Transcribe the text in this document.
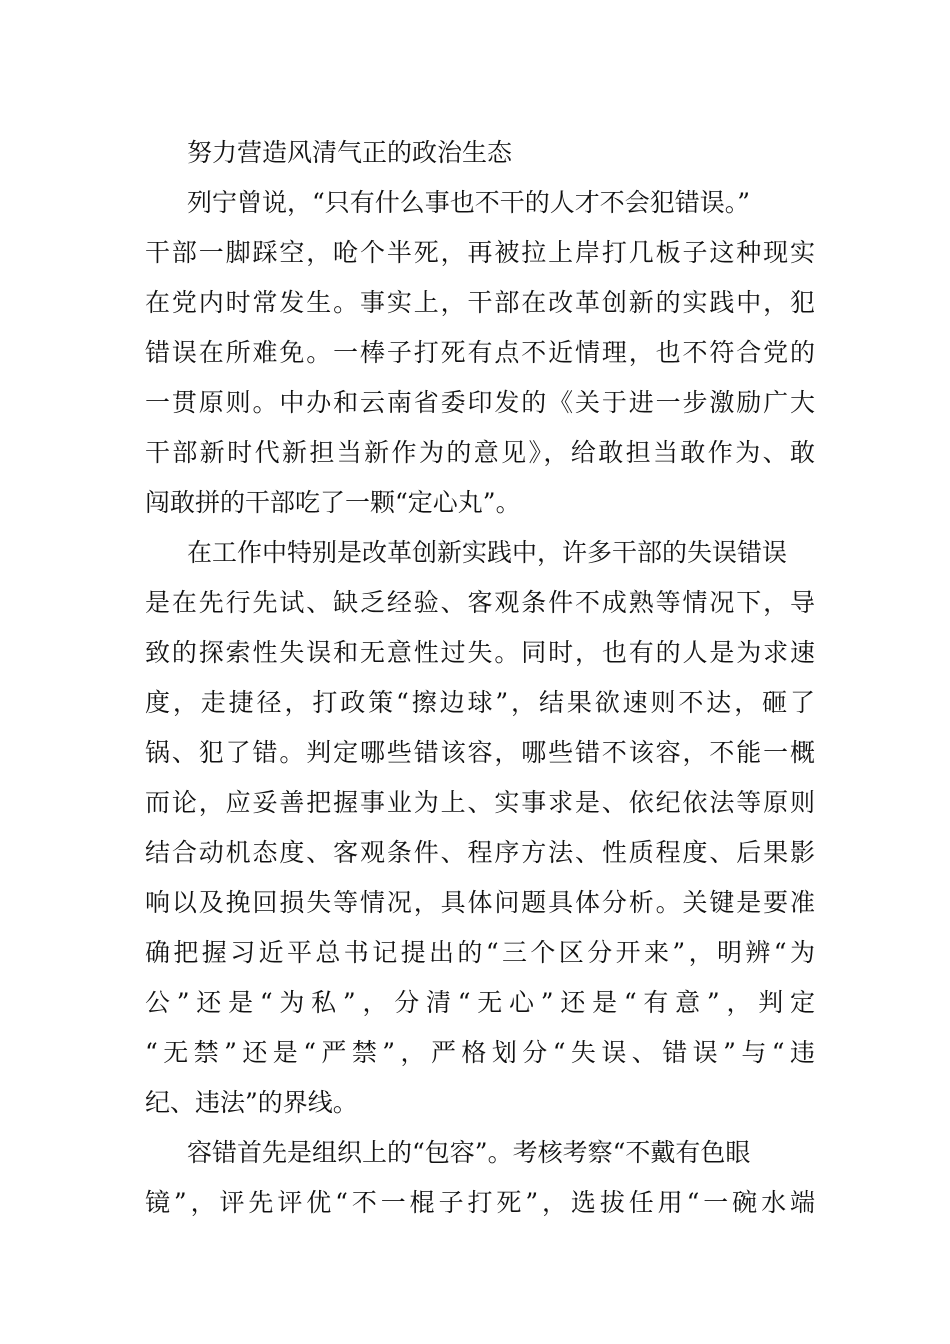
努力营造风清气正的政治生态
列宁曾说，“只有什么事也不干的人才不会犯错误。”
干部一脚踩空，呛个半死，再被拉上岸打几板子这种现实
在党内时常发生。事实上，干部在改革创新的实践中，犯
错误在所难免。一棒子打死有点不近情理，也不符合党的
一贯原则。中办和云南省委印发的《关于进一步激励广大
干部新时代新担当新作为的意见》，给敢担当敢作为、敢
闯敢拼的干部吃了一颗“定心丸”。
在工作中特别是改革创新实践中，许多干部的失误错误
是在先行先试、缺乏经验、客观条件不成熟等情况下，导
致的探索性失误和无意性过失。同时，也有的人是为求速
度，走捷径，打政策“擦边球”，结果欲速则不达，砸了
锅、犯了错。判定哪些错该容，哪些错不该容，不能一概
而论，应妥善把握事业为上、实事求是、依纪依法等原则
结合动机态度、客观条件、程序方法、性质程度、后果影
响以及挽回损失等情况，具体问题具体分析。关键是要准
确把握习近平总书记提出的“三个区分开来”，明辨“为
公”还是“为私”，分清“无心”还是“有意”，判定
“无禁”还是“严禁”，严格划分“失误、错误”与“违
纪、违法”的界线。
容错首先是组织上的“包容”。考核考察“不戴有色眼
镜”，评先评优“不一棍子打死”，选拔任用“一碗水端
